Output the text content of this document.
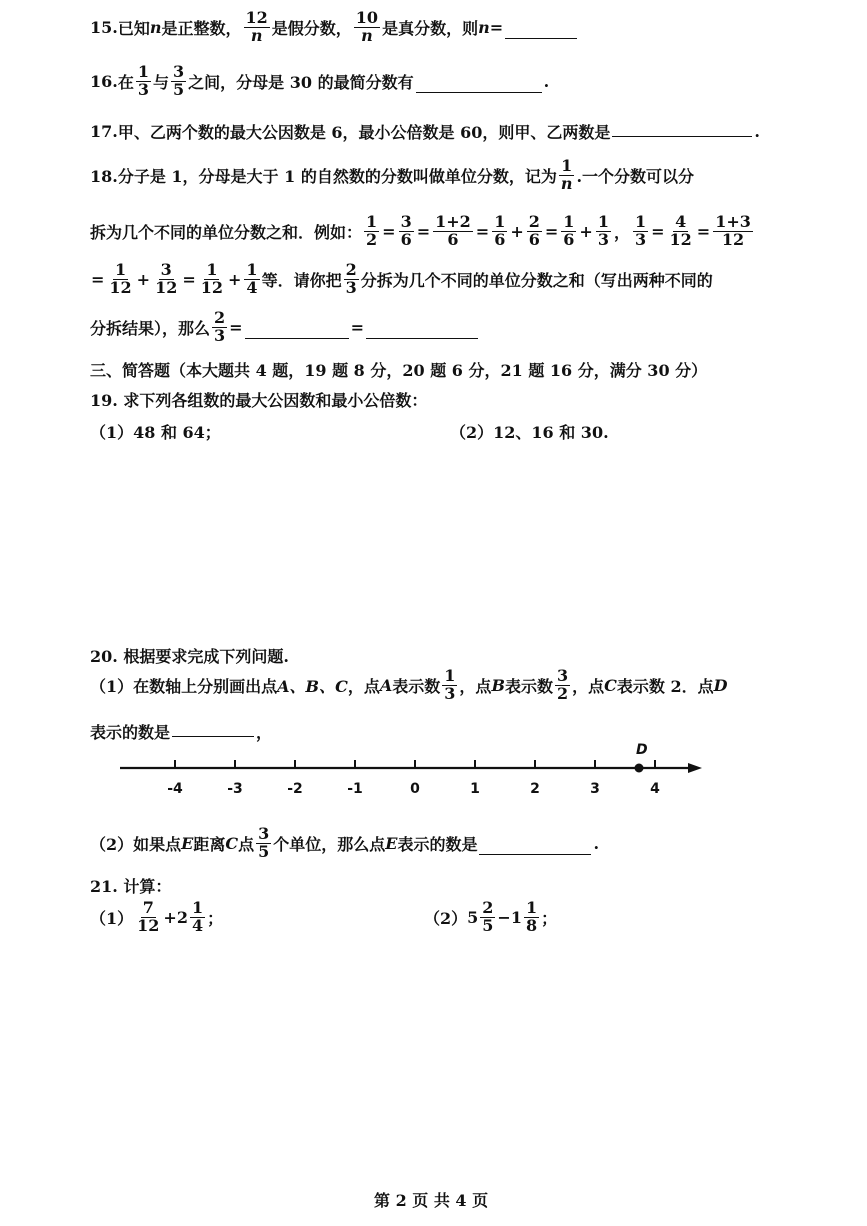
15. 已知 n 是正整数， $\frac{12}{n}$ 是假分数， $\frac{10}{n}$ 是真分数，则 n=
16. 在 $\frac{1}{3}$ 与 $\frac{3}{5}$ 之间，分母是 30 的最简分数有	.
17. 甲、乙两个数的最大公因数是 6，最小公倍数是 60，则甲、乙两数是	.
18.分子是 1，分母是大于 1 的自然数的分数叫做单位分数，记为 $\frac{1}{n}$ .一个分数可以分
拆为几个不同的单位分数之和．例如： $\frac{1}{2} = \frac{3}{6} = \frac{1+2}{6} = \frac{1}{6} + \frac{2}{6} = \frac{1}{6} + \frac{1}{3}$ ， $\frac{1}{3} = \frac{4}{12} = \frac{1+3}{12}$
= $\frac{1}{12} + \frac{3}{12} = \frac{1}{12} + \frac{1}{4}$ 等．请你把 $\frac{2}{3}$ 分拆为几个不同的单位分数之和（写出两种不同的
分拆结果），那么 $\frac{2}{3}$ =	=
三、简答题（本大题共 4 题，19 题 8 分，20 题 6 分，21 题 16 分，满分 30 分）
19. 求下列各组数的最大公因数和最小公倍数：
（1）48 和 64；	（2）12、16 和 30.
20. 根据要求完成下列问题.
（1）在数轴上分别画出点 A、B、C ，点 A 表示数 $\frac{1}{3}$ ，点 B 表示数 $\frac{3}{2}$ ，点 C 表示数 2．点 D
表示的数是	，
-4	-3	-2	-1	0	1	2	3	4
D
（2）如果点 E 距离 C 点 $\frac{3}{5}$ 个单位，那么点 E 表示的数是	.
21. 计算：
$(1) \frac{7}{12} +2 \frac{1}{4}$ ；	（2） $5 \frac{2}{5} -1 \frac{1}{8}$ ；
第 2 页 共 4 页
